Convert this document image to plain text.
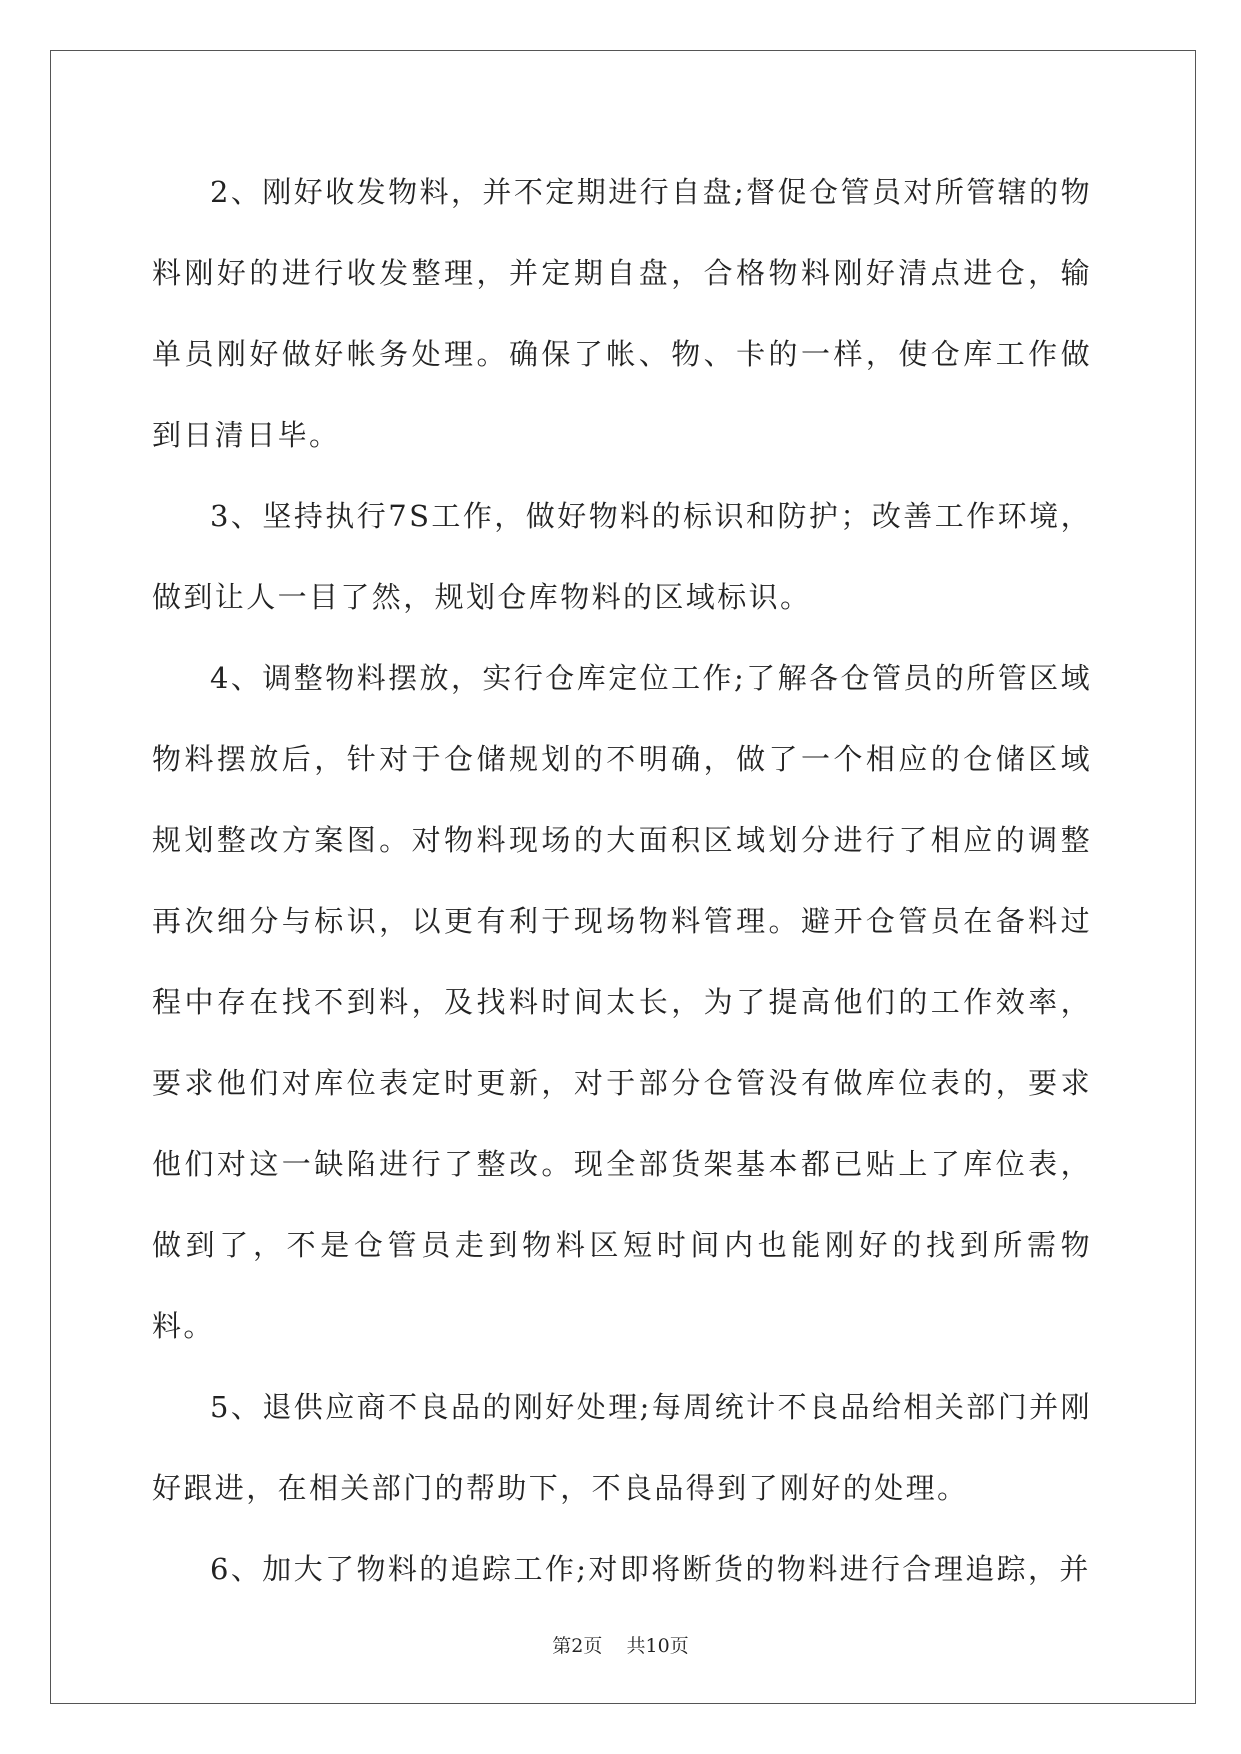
2、刚好收发物料，并不定期进行自盘;督促仓管员对所管辖的物料刚好的进行收发整理，并定期自盘，合格物料刚好清点进仓，输单员刚好做好帐务处理。确保了帐、物、卡的一样，使仓库工作做到日清日毕。

3、坚持执行7S工作，做好物料的标识和防护；改善工作环境，做到让人一目了然，规划仓库物料的区域标识。

4、调整物料摆放，实行仓库定位工作;了解各仓管员的所管区域物料摆放后，针对于仓储规划的不明确，做了一个相应的仓储区域规划整改方案图。对物料现场的大面积区域划分进行了相应的调整再次细分与标识，以更有利于现场物料管理。避开仓管员在备料过程中存在找不到料，及找料时间太长，为了提高他们的工作效率，要求他们对库位表定时更新，对于部分仓管没有做库位表的，要求他们对这一缺陷进行了整改。现全部货架基本都已贴上了库位表，做到了，不是仓管员走到物料区短时间内也能刚好的找到所需物料。

5、退供应商不良品的刚好处理;每周统计不良品给相关部门并刚好跟进，在相关部门的帮助下，不良品得到了刚好的处理。

6、加大了物料的追踪工作;对即将断货的物料进行合理追踪，并

第2页 共10页
